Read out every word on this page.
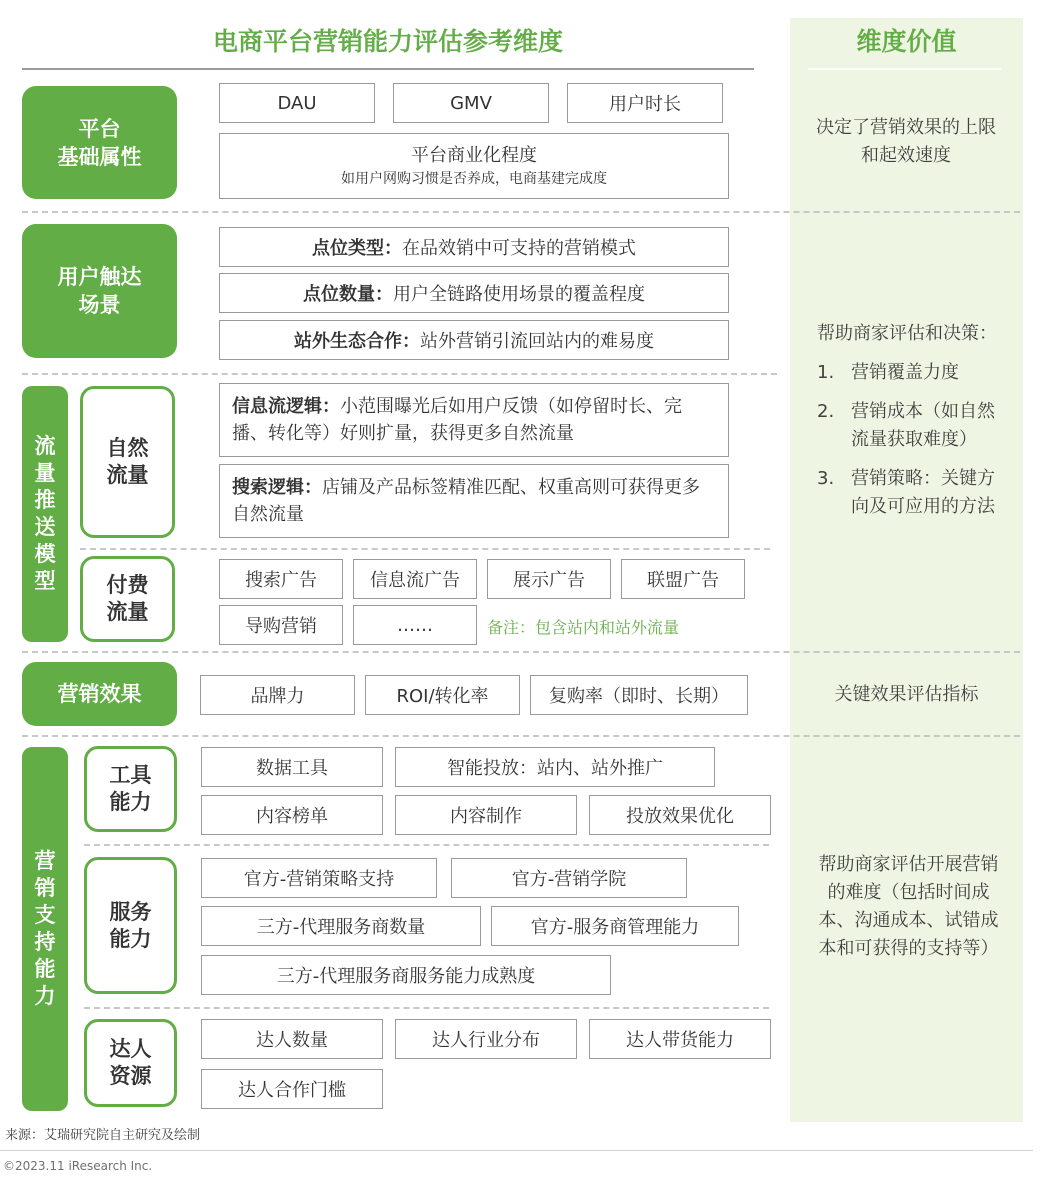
电商平台营销能力评估参考维度	维度价值
平台
基础属性
DAU	GMV	用户时长
平台商业化程度
如用户网购习惯是否养成，电商基建完成度
决定了营销效果的上限和起效速度
用户触达
场景
点位类型： 在品效销中可支持的营销模式
点位数量： 用户全链路使用场景的覆盖程度
站外生态合作： 站外营销引流回站内的难易度
流量推送模型
自然
流量
信息流逻辑：小范围曝光后如用户反馈（如停留时长、完播、转化等）好则扩量，获得更多自然流量
搜索逻辑：店铺及产品标签精准匹配、权重高则可获得更多自然流量
付费
流量
搜索广告	信息流广告	展示广告	联盟广告
导购营销	……	备注：包含站内和站外流量
帮助商家评估和决策：
1. 营销覆盖力度
2. 营销成本（如自然流量获取难度）
3. 营销策略：关键方向及可应用的方法
营销效果	品牌力	ROI/转化率	复购率（即时、长期）	关键效果评估指标
营销支持能力
工具
能力
数据工具	智能投放：站内、站外推广
内容榜单	内容制作	投放效果优化
服务
能力
官方-营销策略支持	官方-营销学院
三方-代理服务商数量	官方-服务商管理能力
三方-代理服务商服务能力成熟度
达人
资源
达人数量	达人行业分布	达人带货能力
达人合作门槛
帮助商家评估开展营销的难度（包括时间成本、沟通成本、试错成本和可获得的支持等）
来源：艾瑞研究院自主研究及绘制
©2023.11 iResearch Inc.
